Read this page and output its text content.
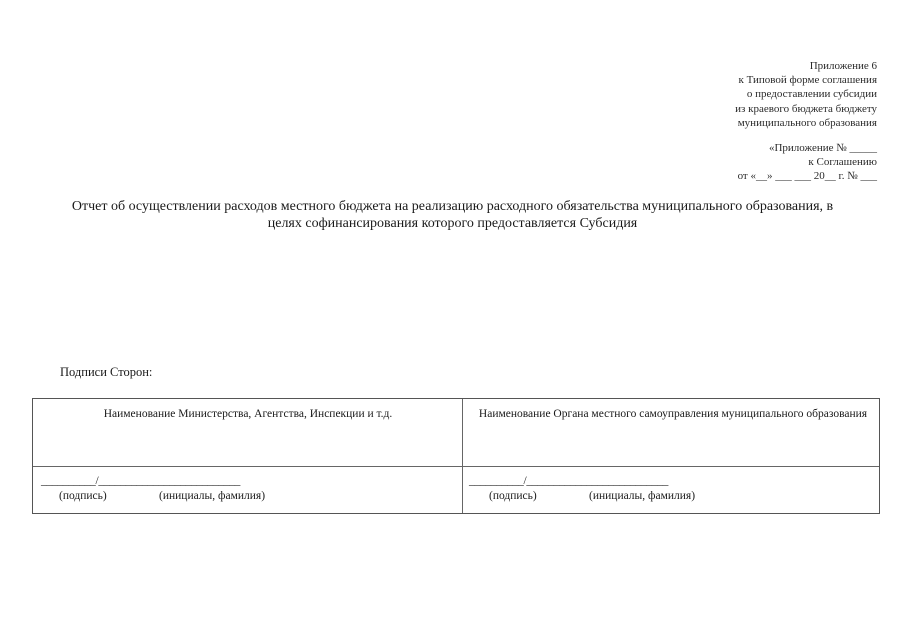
Приложение 6
к Типовой форме соглашения
о предоставлении субсидии
из краевого бюджета бюджету
муниципального образования
«Приложение № _____
к Соглашению
от «__» ___ ___ 20__ г. № ___
Отчет об осуществлении расходов местного бюджета на реализацию расходного обязательства муниципального образования, в
целях софинансирования которого предоставляется Субсидия
Подписи Сторон:
Наименование Министерства, Агентства, Инспекции и т.д.	Наименование Органа местного самоуправления муниципального образования
__________/__________________________
(подпись)	(инициалы, фамилия)
__________/__________________________
(подпись)	(инициалы, фамилия)
